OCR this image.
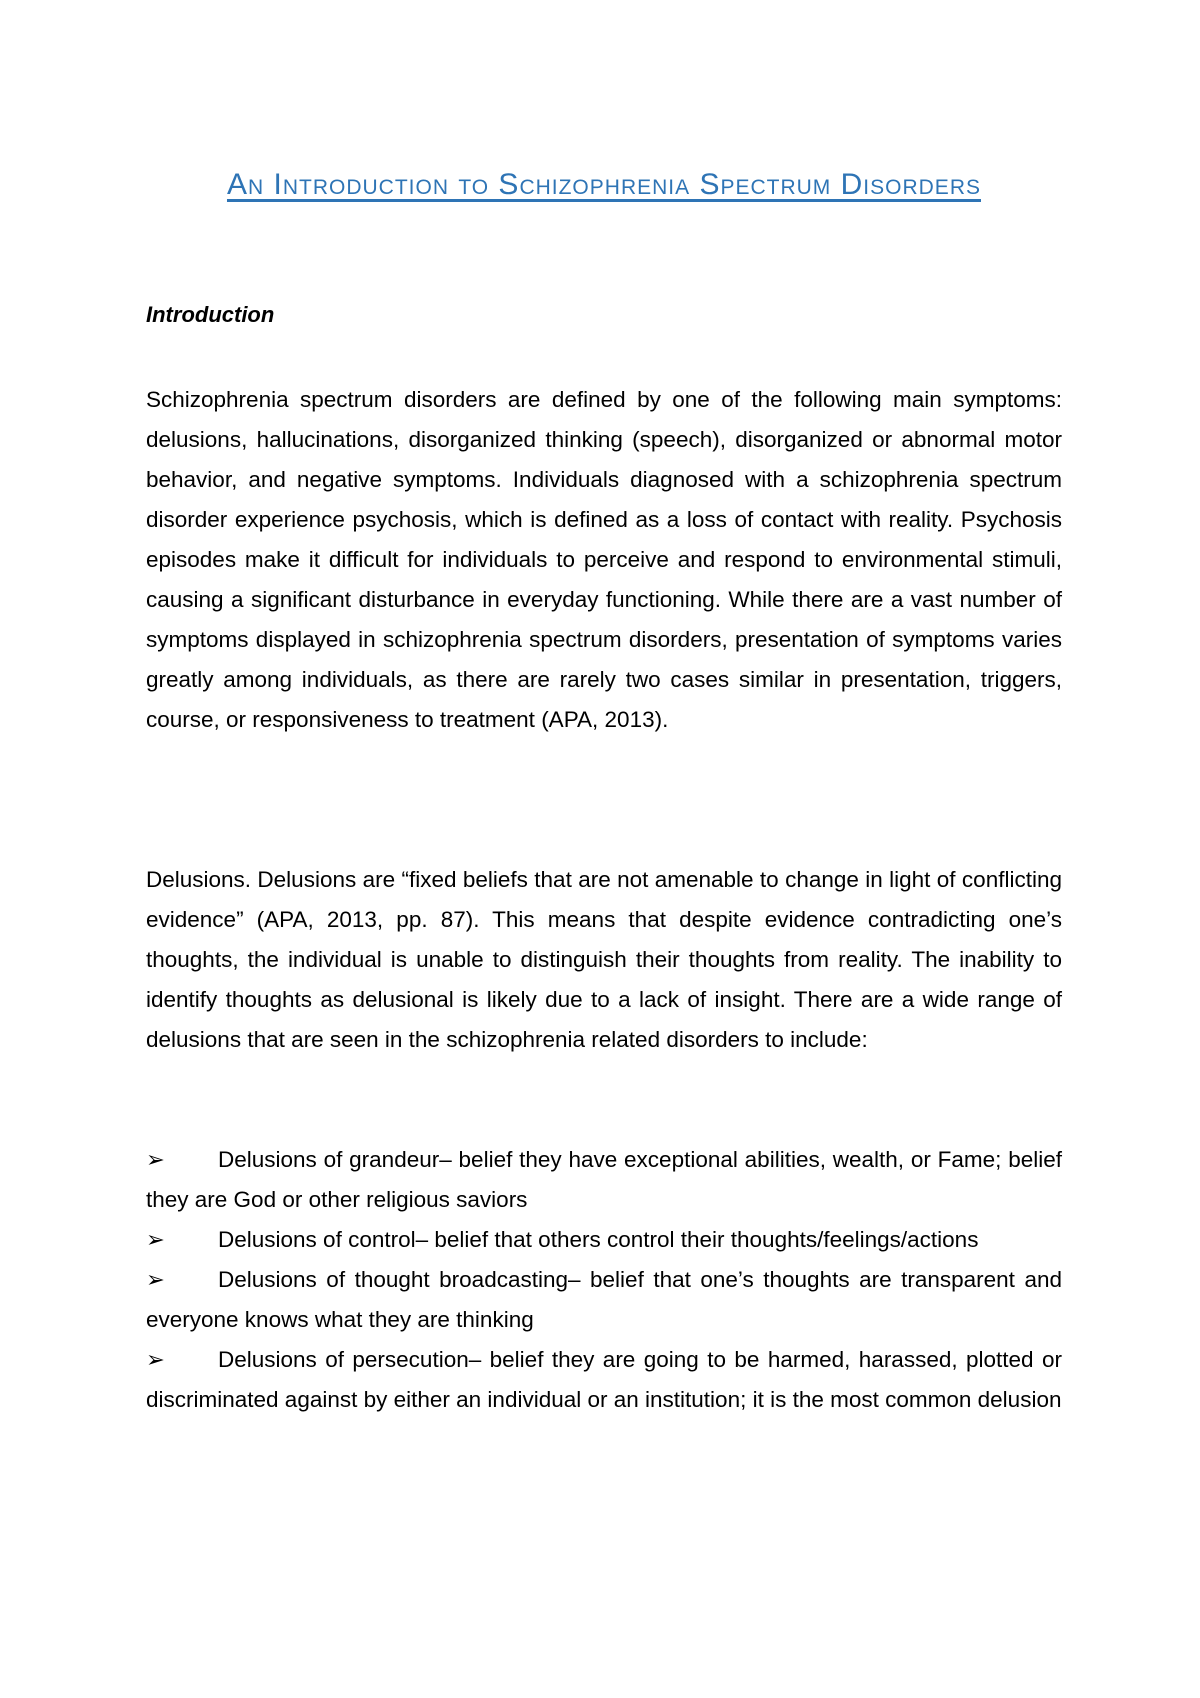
An Introduction to Schizophrenia Spectrum Disorders
Introduction

Schizophrenia spectrum disorders are defined by one of the following main symptoms: delusions, hallucinations, disorganized thinking (speech), disorganized or abnormal motor behavior, and negative symptoms. Individuals diagnosed with a schizophrenia spectrum disorder experience psychosis, which is defined as a loss of contact with reality. Psychosis episodes make it difficult for individuals to perceive and respond to environmental stimuli, causing a significant disturbance in everyday functioning. While there are a vast number of symptoms displayed in schizophrenia spectrum disorders, presentation of symptoms varies greatly among individuals, as there are rarely two cases similar in presentation, triggers, course, or responsiveness to treatment (APA, 2013).

Delusions. Delusions are “fixed beliefs that are not amenable to change in light of conflicting evidence” (APA, 2013, pp. 87). This means that despite evidence contradicting one’s thoughts, the individual is unable to distinguish their thoughts from reality. The inability to identify thoughts as delusional is likely due to a lack of insight. There are a wide range of delusions that are seen in the schizophrenia related disorders to include:

➢ Delusions of grandeur– belief they have exceptional abilities, wealth, or Fame; belief they are God or other religious saviors
➢ Delusions of control– belief that others control their thoughts/feelings/actions
➢ Delusions of thought broadcasting– belief that one’s thoughts are transparent and everyone knows what they are thinking
➢ Delusions of persecution– belief they are going to be harmed, harassed, plotted or discriminated against by either an individual or an institution; it is the most common delusion
